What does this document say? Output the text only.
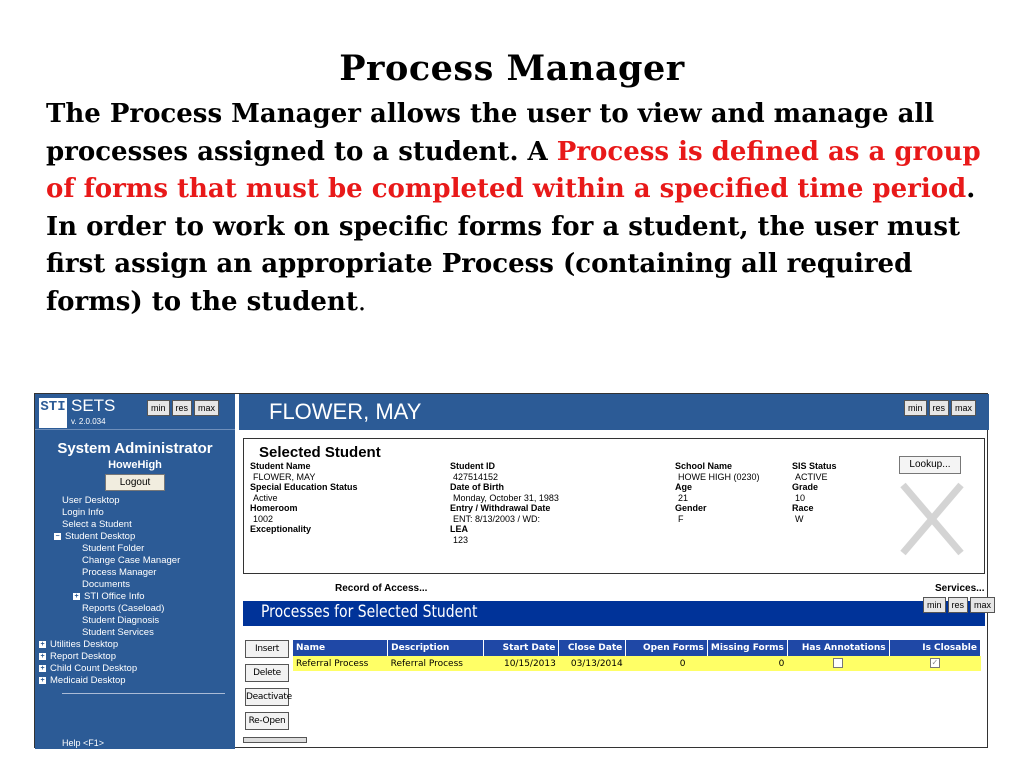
Process Manager
The Process Manager allows the user to view and manage all processes assigned to a student. A Process is defined as a group of forms that must be completed within a specified time period. In order to work on specific forms for a student, the user must first assign an appropriate Process (containing all required forms) to the student.
STI SETS
v. 2.0.034
min	res	max
System Administrator
HoweHigh
Logout
User Desktop
Login Info
Select a Student
− Student Desktop
Student Folder
Change Case Manager
Process Manager
Documents
+ STI Office Info
Reports (Caseload)
Student Diagnosis
Student Services
+ Utilities Desktop
+ Report Desktop
+ Child Count Desktop
+ Medicaid Desktop
Help <F1>
FLOWER, MAY	min	res	max
Selected Student
Student Name
FLOWER, MAY
Special Education Status
Active
Homeroom
1002
Exceptionality
Student ID
427514152
Date of Birth
Monday, October 31, 1983
Entry / Withdrawal Date
ENT: 8/13/2003 / WD:
LEA
123
School Name
HOWE HIGH (0230)
Age
21
Gender
F
SIS Status
ACTIVE
Grade
10
Race
W
Lookup...
Record of Access...	Services...
Processes for Selected Student	min	res	max
Insert
Delete
Deactivate
Re-Open
Name	Description	Start Date	Close Date	Open Forms	Missing Forms	Has Annotations	Is Closable
Referral Process	Referral Process	10/15/2013	03/13/2014	0	0		✓
